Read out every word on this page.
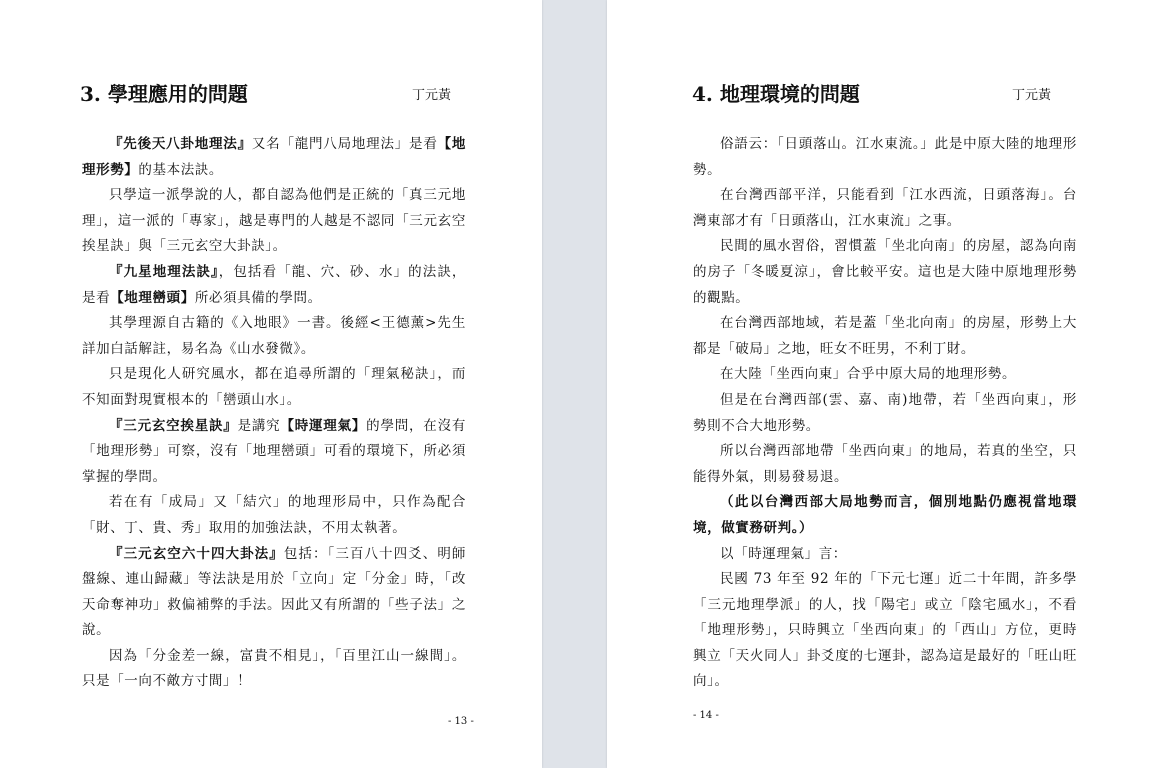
3. 學理應用的問題	丁元黃

『先後天八卦地理法』又名「龍門八局地理法」是看【地理形勢】的基本法訣。

只學這一派學說的人，都自認為他們是正統的「真三元地理」，這一派的「專家」，越是專門的人越是不認同「三元玄空挨星訣」與「三元玄空大卦訣」。

『九星地理法訣』，包括看「龍、穴、砂、水」的法訣，是看【地理巒頭】所必須具備的學問。

其學理源自古籍的《入地眼》一書。後經<王德薰>先生詳加白話解註，易名為《山水發微》。

只是現化人研究風水，都在追尋所謂的「理氣秘訣」，而不知面對現實根本的「巒頭山水」。

『三元玄空挨星訣』是講究【時運理氣】的學問，在沒有「地理形勢」可察，沒有「地理巒頭」可看的環境下，所必須掌握的學問。

若在有「成局」又「結穴」的地理形局中，只作為配合「財、丁、貴、秀」取用的加強法訣，不用太執著。

『三元玄空六十四大卦法』包括：「三百八十四爻、明師盤線、連山歸藏」等法訣是用於「立向」定「分金」時，「改天命奪神功」救偏補弊的手法。因此又有所謂的「些子法」之說。

因為「分金差一線，富貴不相見」，「百里江山一線間」。只是「一向不敵方寸間」！

- 13 -
4. 地理環境的問題	丁元黃

俗語云：「日頭落山。江水東流。」此是中原大陸的地理形勢。

在台灣西部平洋，只能看到「江水西流，日頭落海」。台灣東部才有「日頭落山，江水東流」之事。

民間的風水習俗，習慣蓋「坐北向南」的房屋，認為向南的房子「冬暖夏涼」，會比較平安。這也是大陸中原地理形勢的觀點。

在台灣西部地域，若是蓋「坐北向南」的房屋，形勢上大都是「破局」之地，旺女不旺男，不利丁財。

在大陸「坐西向東」合乎中原大局的地理形勢。

但是在台灣西部(雲、嘉、南)地帶，若「坐西向東」，形勢則不合大地形勢。

所以台灣西部地帶「坐西向東」的地局，若真的坐空，只能得外氣，則易發易退。

（此以台灣西部大局地勢而言，個別地點仍應視當地環境，做實務研判。）

以「時運理氣」言：

民國 73 年至 92 年的「下元七運」近二十年間，許多學「三元地理學派」的人，找「陽宅」或立「陰宅風水」，不看「地理形勢」，只時興立「坐西向東」的「西山」方位，更時興立「天火同人」卦爻度的七運卦，認為這是最好的「旺山旺向」。

- 14 -
